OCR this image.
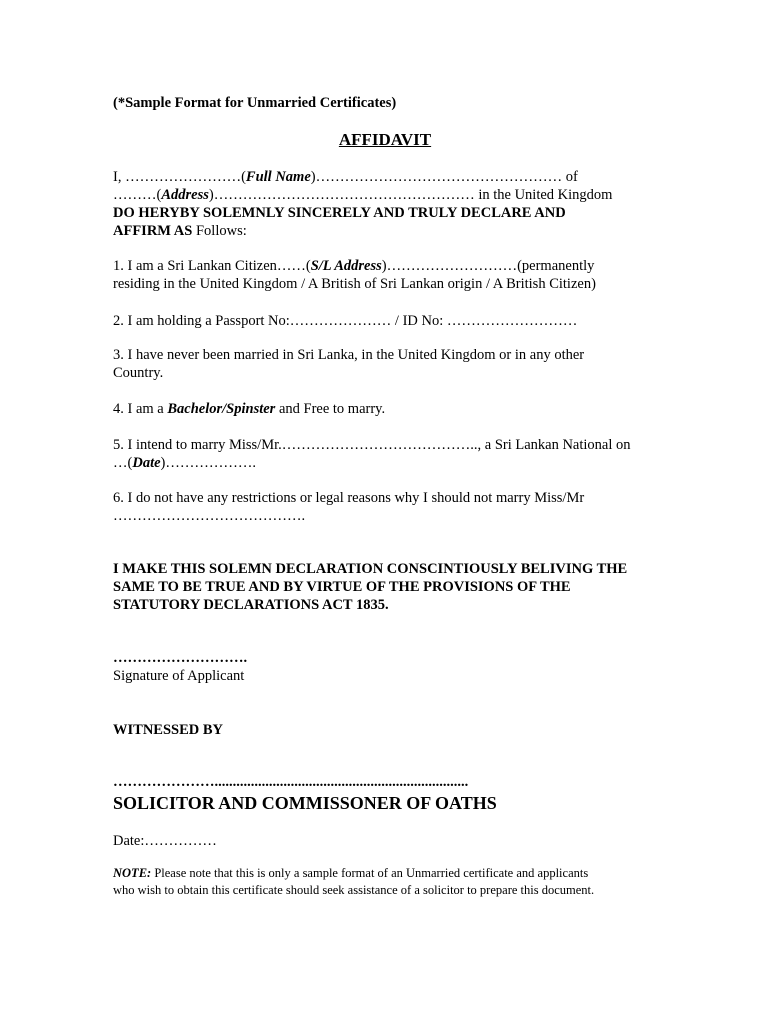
(*Sample Format for Unmarried Certificates)
AFFIDAVIT
I, ……………………(Full Name)…………………………………………… of
………(Address)……………………………………………… in the United Kingdom
DO HERYBY SOLEMNLY SINCERELY AND TRULY DECLARE AND
AFFIRM AS Follows:
1. I am a Sri Lankan Citizen……(S/L Address)………………………(permanently
residing in the United Kingdom / A British of Sri Lankan origin / A British Citizen)
2. I am holding a Passport No:………………… / ID No: ………………………
3. I have never been married in Sri Lanka, in the United Kingdom or in any other
Country.
4. I am a Bachelor/Spinster and Free to marry.
5. I intend to marry Miss/Mr.………………………………….., a Sri Lankan National on
…(Date)……………….
6. I do not have any restrictions or legal reasons why I should not marry Miss/Mr
………………………………….
I MAKE THIS SOLEMN DECLARATION CONSCINTIOUSLY BELIVING THE
SAME TO BE TRUE AND BY VIRTUE OF THE PROVISIONS OF THE
STATUTORY DECLARATIONS ACT 1835.
……………………….
Signature of Applicant
WITNESSED BY
…………………......................................................................
SOLICITOR AND COMMISSONER OF OATHS
Date:……………
NOTE: Please note that this is only a sample format of an Unmarried certificate and applicants
who wish to obtain this certificate should seek assistance of a solicitor to prepare this document.
